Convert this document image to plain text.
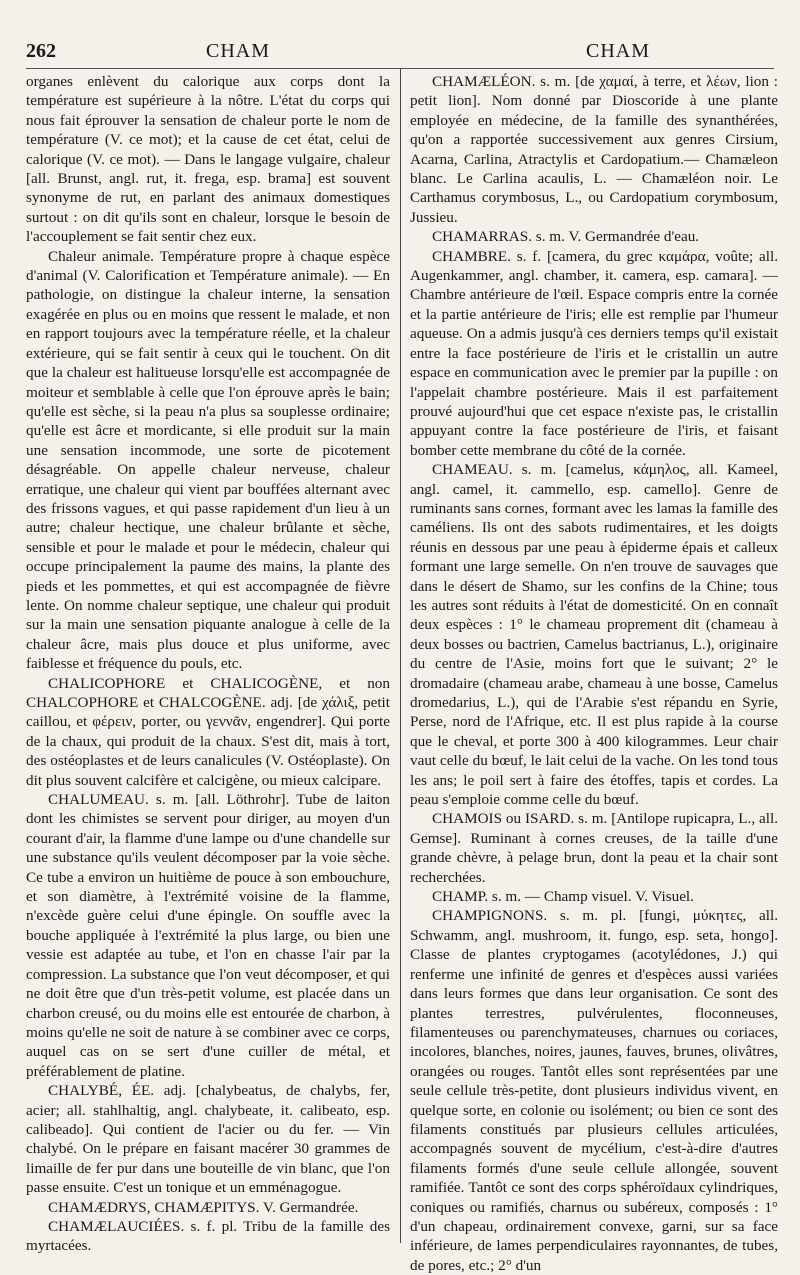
262	CHAM	CHAM

organes enlèvent du calorique aux corps dont la température est supérieure à la nôtre. L'état du corps qui nous fait éprouver la sensation de chaleur porte le nom de température (V. ce mot); et la cause de cet état, celui de calorique (V. ce mot). — Dans le langage vulgaire, chaleur [all. Brunst, angl. rut, it. frega, esp. brama] est souvent synonyme de rut, en parlant des animaux domestiques surtout : on dit qu'ils sont en chaleur, lorsque le besoin de l'accouplement se fait sentir chez eux.

Chaleur animale. Température propre à chaque espèce d'animal (V. Calorification et Température animale). — En pathologie, on distingue la chaleur interne, la sensation exagérée en plus ou en moins que ressent le malade, et non en rapport toujours avec la température réelle, et la chaleur extérieure, qui se fait sentir à ceux qui le touchent. On dit que la chaleur est halitueuse lorsqu'elle est accompagnée de moiteur et semblable à celle que l'on éprouve après le bain; qu'elle est sèche, si la peau n'a plus sa souplesse ordinaire; qu'elle est âcre et mordicante, si elle produit sur la main une sensation incommode, une sorte de picotement désagréable. On appelle chaleur nerveuse, chaleur erratique, une chaleur qui vient par bouffées alternant avec des frissons vagues, et qui passe rapidement d'un lieu à un autre; chaleur hectique, une chaleur brûlante et sèche, sensible et pour le malade et pour le médecin, chaleur qui occupe principalement la paume des mains, la plante des pieds et les pommettes, et qui est accompagnée de fièvre lente. On nomme chaleur septique, une chaleur qui produit sur la main une sensation piquante analogue à celle de la chaleur âcre, mais plus douce et plus uniforme, avec faiblesse et fréquence du pouls, etc.

CHALICOPHORE et CHALICOGÈNE, et non CHALCOPHORE et CHALCOGÈNE. adj. [de χάλιξ, petit caillou, et φέρειν, porter, ou γεννᾶν, engendrer]. Qui porte de la chaux, qui produit de la chaux. S'est dit, mais à tort, des ostéoplastes et de leurs canalicules (V. Ostéoplaste). On dit plus souvent calcifère et calcigène, ou mieux calcipare.

CHALUMEAU. s. m. [all. Löthrohr]. Tube de laiton dont les chimistes se servent pour diriger, au moyen d'un courant d'air, la flamme d'une lampe ou d'une chandelle sur une substance qu'ils veulent décomposer par la voie sèche. Ce tube a environ un huitième de pouce à son embouchure, et son diamètre, à l'extrémité voisine de la flamme, n'excède guère celui d'une épingle. On souffle avec la bouche appliquée à l'extrémité la plus large, ou bien une vessie est adaptée au tube, et l'on en chasse l'air par la compression. La substance que l'on veut décomposer, et qui ne doit être que d'un très-petit volume, est placée dans un charbon creusé, ou du moins elle est entourée de charbon, à moins qu'elle ne soit de nature à se combiner avec ce corps, auquel cas on se sert d'une cuiller de métal, et préférablement de platine.

CHALYBÉ, ÉE. adj. [chalybeatus, de chalybs, fer, acier; all. stahlhaltig, angl. chalybeate, it. calibeato, esp. calibeado]. Qui contient de l'acier ou du fer. — Vin chalybé. On le prépare en faisant macérer 30 grammes de limaille de fer pur dans une bouteille de vin blanc, que l'on passe ensuite. C'est un tonique et un emménagogue.

CHAMÆDRYS, CHAMÆPITYS. V. Germandrée.

CHAMÆLAUCIÉES. s. f. pl. Tribu de la famille des myrtacées.

CHAMÆLÉON. s. m. [de χαμαί, à terre, et λέων, lion : petit lion]. Nom donné par Dioscoride à une plante employée en médecine, de la famille des synanthérées, qu'on a rapportée successivement aux genres Cirsium, Acarna, Carlina, Atractylis et Cardopatium.— Chamæleon blanc. Le Carlina acaulis, L. — Chamæléon noir. Le Carthamus corymbosus, L., ou Cardopatium corymbosum, Jussieu.

CHAMARRAS. s. m. V. Germandrée d'eau.

CHAMBRE. s. f. [camera, du grec καμάρα, voûte; all. Augenkammer, angl. chamber, it. camera, esp. camara]. — Chambre antérieure de l'œil. Espace compris entre la cornée et la partie antérieure de l'iris; elle est remplie par l'humeur aqueuse. On a admis jusqu'à ces derniers temps qu'il existait entre la face postérieure de l'iris et le cristallin un autre espace en communication avec le premier par la pupille : on l'appelait chambre postérieure. Mais il est parfaitement prouvé aujourd'hui que cet espace n'existe pas, le cristallin appuyant contre la face postérieure de l'iris, et faisant bomber cette membrane du côté de la cornée.

CHAMEAU. s. m. [camelus, κάμηλος, all. Kameel, angl. camel, it. cammello, esp. camello]. Genre de ruminants sans cornes, formant avec les lamas la famille des caméliens. Ils ont des sabots rudimentaires, et les doigts réunis en dessous par une peau à épiderme épais et calleux formant une large semelle. On n'en trouve de sauvages que dans le désert de Shamo, sur les confins de la Chine; tous les autres sont réduits à l'état de domesticité. On en connaît deux espèces : 1° le chameau proprement dit (chameau à deux bosses ou bactrien, Camelus bactrianus, L.), originaire du centre de l'Asie, moins fort que le suivant; 2° le dromadaire (chameau arabe, chameau à une bosse, Camelus dromedarius, L.), qui de l'Arabie s'est répandu en Syrie, Perse, nord de l'Afrique, etc. Il est plus rapide à la course que le cheval, et porte 300 à 400 kilogrammes. Leur chair vaut celle du bœuf, le lait celui de la vache. On les tond tous les ans; le poil sert à faire des étoffes, tapis et cordes. La peau s'emploie comme celle du bœuf.

CHAMOIS ou ISARD. s. m. [Antilope rupicapra, L., all. Gemse]. Ruminant à cornes creuses, de la taille d'une grande chèvre, à pelage brun, dont la peau et la chair sont recherchées.

CHAMP. s. m. — Champ visuel. V. Visuel.

CHAMPIGNONS. s. m. pl. [fungi, μύκητες, all. Schwamm, angl. mushroom, it. fungo, esp. seta, hongo]. Classe de plantes cryptogames (acotylédones, J.) qui renferme une infinité de genres et d'espèces aussi variées dans leurs formes que dans leur organisation. Ce sont des plantes terrestres, pulvérulentes, floconneuses, filamenteuses ou parenchymateuses, charnues ou coriaces, incolores, blanches, noires, jaunes, fauves, brunes, olivâtres, orangées ou rouges. Tantôt elles sont représentées par une seule cellule très-petite, dont plusieurs individus vivent, en quelque sorte, en colonie ou isolément; ou bien ce sont des filaments constitués par plusieurs cellules articulées, accompagnés souvent de mycélium, c'est-à-dire d'autres filaments formés d'une seule cellule allongée, souvent ramifiée. Tantôt ce sont des corps sphéroïdaux cylindriques, coniques ou ramifiés, charnus ou subéreux, composés : 1° d'un chapeau, ordinairement convexe, garni, sur sa face inférieure, de lames perpendiculaires rayonnantes, de tubes, de pores, etc.; 2° d'un
